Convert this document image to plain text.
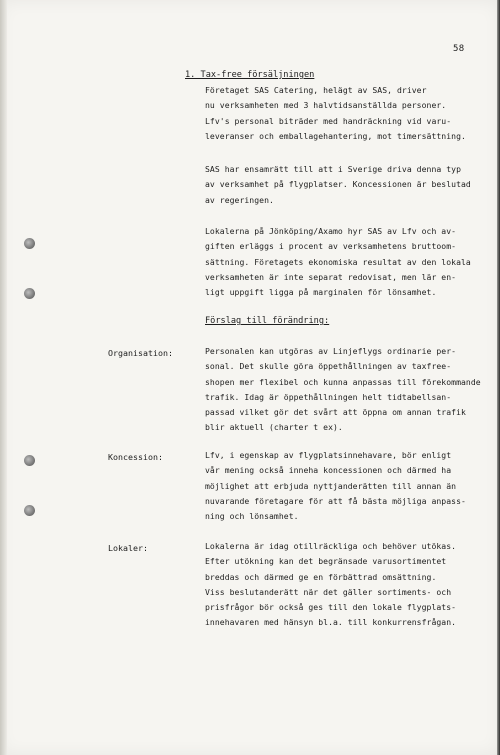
58
1. Tax-free försäljningen
Företaget SAS Catering, helägt av SAS, driver
nu verksamheten med 3 halvtidsanställda personer.
Lfv's personal biträder med handräckning vid varu-
leveranser och emballagehantering, mot timersättning.
SAS har ensamrätt till att i Sverige driva denna typ
av verksamhet på flygplatser. Koncessionen är beslutad
av regeringen.
Lokalerna på Jönköping/Axamo hyr SAS av Lfv och av-
giften erläggs i procent av verksamhetens bruttoom-
sättning. Företagets ekonomiska resultat av den lokala
verksamheten är inte separat redovisat, men lär en-
ligt uppgift ligga på marginalen för lönsamhet.
Förslag till förändring:
Organisation:	Personalen kan utgöras av Linjeflygs ordinarie per-
sonal. Det skulle göra öppethållningen av taxfree-
shopen mer flexibel och kunna anpassas till förekommande
trafik. Idag är öppethållningen helt tidtabellsan-
passad vilket gör det svårt att öppna om annan trafik
blir aktuell (charter t ex).
Koncession:	Lfv, i egenskap av flygplatsinnehavare, bör enligt
vår mening också inneha koncessionen och därmed ha
möjlighet att erbjuda nyttjanderätten till annan än
nuvarande företagare för att få bästa möjliga anpass-
ning och lönsamhet.
Lokaler:	Lokalerna är idag otillräckliga och behöver utökas.
Efter utökning kan det begränsade varusortimentet
breddas och därmed ge en förbättrad omsättning.
Viss beslutanderätt när det gäller sortiments- och
prisfrågor bör också ges till den lokale flygplats-
innehavaren med hänsyn bl.a. till konkurrensfrågan.
